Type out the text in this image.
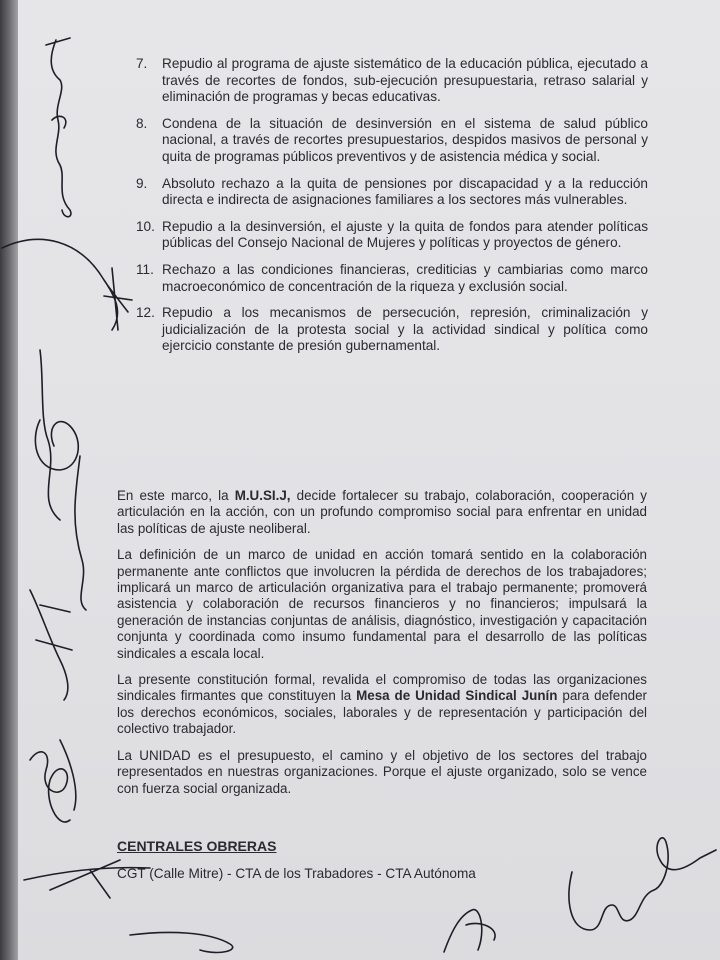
7. Repudio al programa de ajuste sistemático de la educación pública, ejecutado a través de recortes de fondos, sub-ejecución presupuestaria, retraso salarial y eliminación de programas y becas educativas.
8. Condena de la situación de desinversión en el sistema de salud público nacional, a través de recortes presupuestarios, despidos masivos de personal y quita de programas públicos preventivos y de asistencia médica y social.
9. Absoluto rechazo a la quita de pensiones por discapacidad y a la reducción directa e indirecta de asignaciones familiares a los sectores más vulnerables.
10. Repudio a la desinversión, el ajuste y la quita de fondos para atender políticas públicas del Consejo Nacional de Mujeres y políticas y proyectos de género.
11. Rechazo a las condiciones financieras, crediticias y cambiarias como marco macroeconómico de concentración de la riqueza y exclusión social.
12. Repudio a los mecanismos de persecución, represión, criminalización y judicialización de la protesta social y la actividad sindical y política como ejercicio constante de presión gubernamental.

En este marco, la M.U.SI.J, decide fortalecer su trabajo, colaboración, cooperación y articulación en la acción, con un profundo compromiso social para enfrentar en unidad las políticas de ajuste neoliberal.

La definición de un marco de unidad en acción tomará sentido en la colaboración permanente ante conflictos que involucren la pérdida de derechos de los trabajadores; implicará un marco de articulación organizativa para el trabajo permanente; promoverá asistencia y colaboración de recursos financieros y no financieros; impulsará la generación de instancias conjuntas de análisis, diagnóstico, investigación y capacitación conjunta y coordinada como insumo fundamental para el desarrollo de las políticas sindicales a escala local.

La presente constitución formal, revalida el compromiso de todas las organizaciones sindicales firmantes que constituyen la Mesa de Unidad Sindical Junín para defender los derechos económicos, sociales, laborales y de representación y participación del colectivo trabajador.

La UNIDAD es el presupuesto, el camino y el objetivo de los sectores del trabajo representados en nuestras organizaciones. Porque el ajuste organizado, solo se vence con fuerza social organizada.

CENTRALES OBRERAS
CGT (Calle Mitre) - CTA de los Trabadores - CTA Autónoma
